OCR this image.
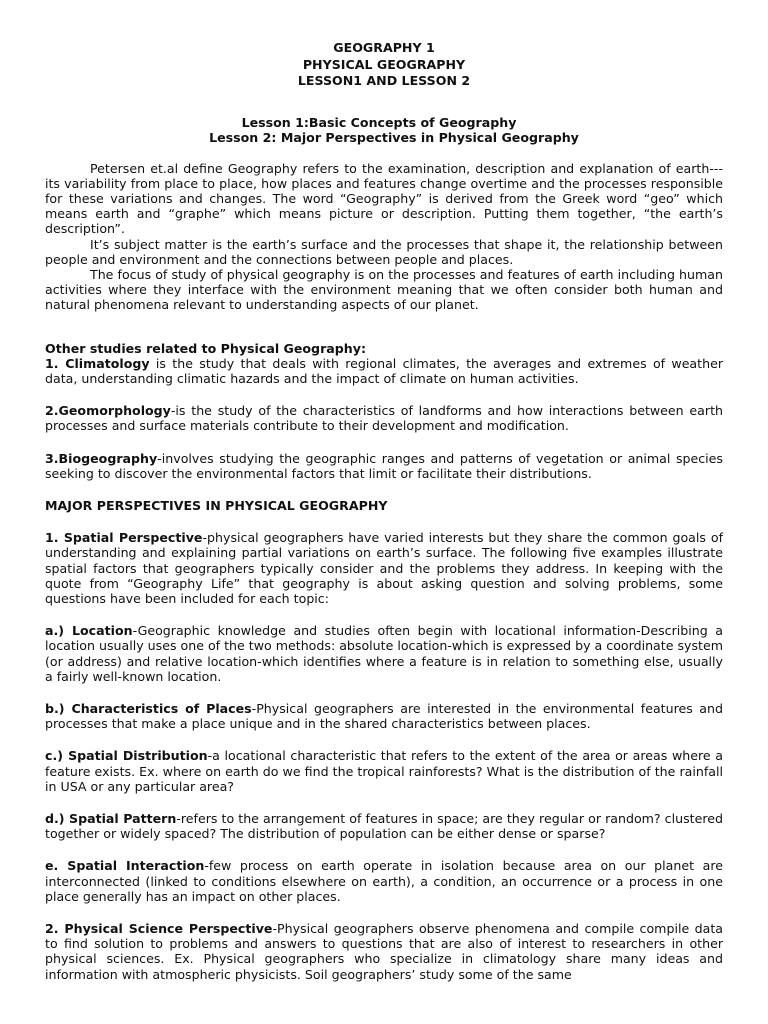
GEOGRAPHY 1
PHYSICAL GEOGRAPHY
LESSON1 AND LESSON 2
Lesson 1:Basic Concepts of Geography
Lesson 2: Major Perspectives in Physical Geography

Petersen et.al define Geography refers to the examination, description and explanation of earth---its variability from place to place, how places and features change overtime and the processes responsible for these variations and changes. The word “Geography” is derived from the Greek word “geo” which means earth and “graphe” which means picture or description. Putting them together, “the earth’s description”.

It’s subject matter is the earth’s surface and the processes that shape it, the relationship between people and environment and the connections between people and places.

The focus of study of physical geography is on the processes and features of earth including human activities where they interface with the environment meaning that we often consider both human and natural phenomena relevant to understanding aspects of our planet.

Other studies related to Physical Geography:

1. Climatology is the study that deals with regional climates, the averages and extremes of weather data, understanding climatic hazards and the impact of climate on human activities.

2.Geomorphology-is the study of the characteristics of landforms and how interactions between earth processes and surface materials contribute to their development and modification.

3.Biogeography-involves studying the geographic ranges and patterns of vegetation or animal species seeking to discover the environmental factors that limit or facilitate their distributions.

MAJOR PERSPECTIVES IN PHYSICAL GEOGRAPHY

1. Spatial Perspective-physical geographers have varied interests but they share the common goals of understanding and explaining partial variations on earth’s surface. The following five examples illustrate spatial factors that geographers typically consider and the problems they address. In keeping with the quote from “Geography Life” that geography is about asking question and solving problems, some questions have been included for each topic:

a.) Location-Geographic knowledge and studies often begin with locational information-Describing a location usually uses one of the two methods: absolute location-which is expressed by a coordinate system (or address) and relative location-which identifies where a feature is in relation to something else, usually a fairly well-known location.

b.) Characteristics of Places-Physical geographers are interested in the environmental features and processes that make a place unique and in the shared characteristics between places.

c.) Spatial Distribution-a locational characteristic that refers to the extent of the area or areas where a feature exists. Ex. where on earth do we find the tropical rainforests? What is the distribution of the rainfall in USA or any particular area?

d.) Spatial Pattern-refers to the arrangement of features in space; are they regular or random? clustered together or widely spaced? The distribution of population can be either dense or sparse?

e. Spatial Interaction-few process on earth operate in isolation because area on our planet are interconnected (linked to conditions elsewhere on earth), a condition, an occurrence or a process in one place generally has an impact on other places.

2. Physical Science Perspective-Physical geographers observe phenomena and compile compile data to find solution to problems and answers to questions that are also of interest to researchers in other physical sciences. Ex. Physical geographers who specialize in climatology share many ideas and information with atmospheric physicists. Soil geographers’ study some of the same
